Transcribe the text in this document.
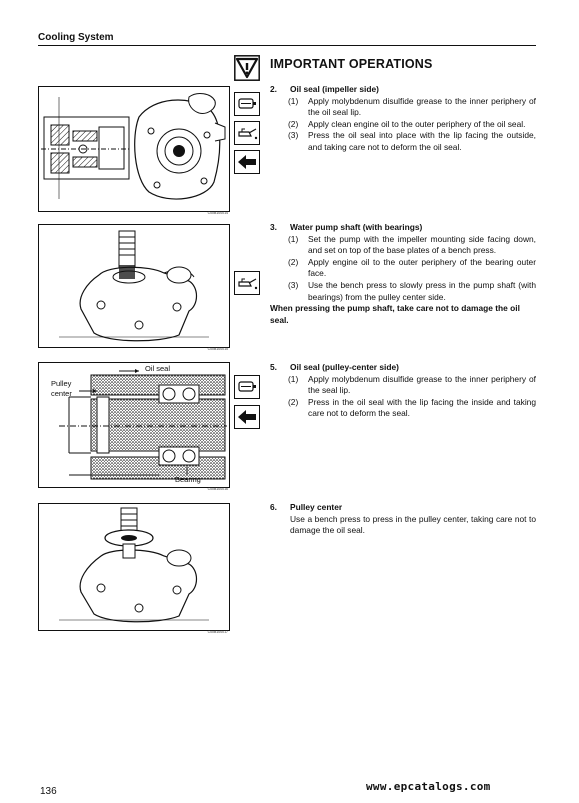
Cooling System
IMPORTANT OPERATIONS
C00B100014
2. Oil seal (impeller side)
(1) Apply molybdenum disulfide grease to the inner periphery of the oil seal lip.
(2) Apply clean engine oil to the outer periphery of the oil seal.
(3) Press the oil seal into place with the lip facing the outside, and taking care not to deform the oil seal.
C00B100015
3. Water pump shaft (with bearings)
(1) Set the pump with the impeller mounting side facing down, and set on top of the base plates of a bench press.
(2) Apply engine oil to the outer periphery of the bearing outer face.
(3) Use the bench press to slowly press in the pump shaft (with bearings) from the pulley center side.
When pressing the pump shaft, take care not to damage the oil seal.
Oil seal
Pulley
center
Bearing
C00B100016
5. Oil seal (pulley-center side)
(1) Apply molybdenum disulfide grease to the inner periphery of the seal lip.
(2) Press in the oil seal with the lip facing the inside and taking care not to deform the seal.
C00B100017
6. Pulley center
Use a bench press to press in the pulley center, taking care not to damage the oil seal.
136	www.epcatalogs.com
